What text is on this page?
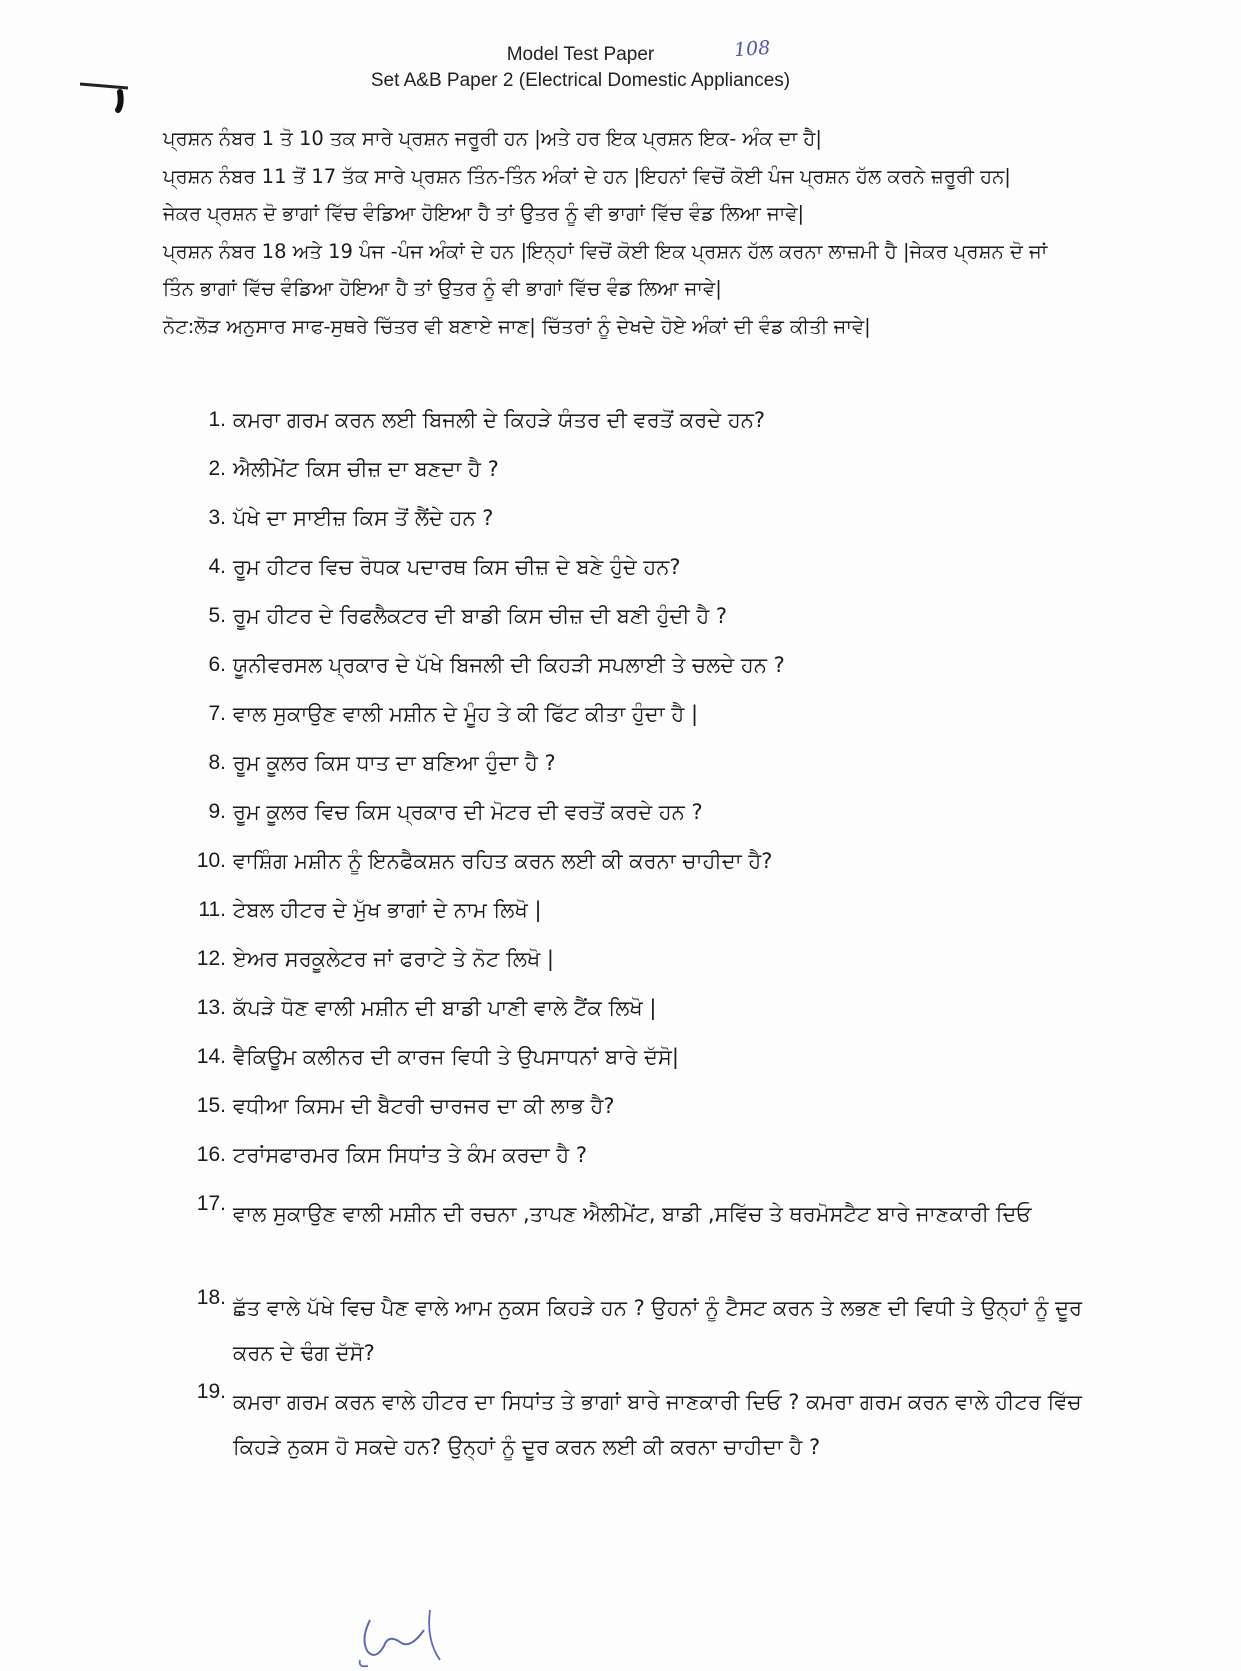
Model Test Paper	108
Set A&B Paper 2 (Electrical Domestic Appliances)
ਪ੍ਰਸ਼ਨ ਨੰਬਰ 1 ਤੋ 10 ਤਕ ਸਾਰੇ ਪ੍ਰਸ਼ਨ ਜਰੂਰੀ ਹਨ |ਅਤੇ ਹਰ ਇਕ ਪ੍ਰਸ਼ਨ ਇਕ- ਅੰਕ ਦਾ ਹੈ|
ਪ੍ਰਸ਼ਨ ਨੰਬਰ 11 ਤੋਂ 17 ਤੱਕ ਸਾਰੇ ਪ੍ਰਸ਼ਨ ਤਿੰਨ-ਤਿੰਨ ਅੰਕਾਂ ਦੇ ਹਨ |ਇਹਨਾਂ ਵਿਚੋਂ ਕੋਈ ਪੰਜ ਪ੍ਰਸ਼ਨ ਹੱਲ ਕਰਨੇ ਜ਼ਰੂਰੀ ਹਨ|
ਜੇਕਰ ਪ੍ਰਸ਼ਨ ਦੋ ਭਾਗਾਂ ਵਿੱਚ ਵੰਡਿਆ ਹੋਇਆ ਹੈ ਤਾਂ ਉਤਰ ਨੂੰ ਵੀ ਭਾਗਾਂ ਵਿੱਚ ਵੰਡ ਲਿਆ ਜਾਵੇ|
ਪ੍ਰਸ਼ਨ ਨੰਬਰ 18 ਅਤੇ 19 ਪੰਜ -ਪੰਜ ਅੰਕਾਂ ਦੇ ਹਨ |ਇਨ੍ਹਾਂ ਵਿਚੋਂ ਕੋਈ ਇਕ ਪ੍ਰਸ਼ਨ ਹੱਲ ਕਰਨਾ ਲਾਜ਼ਮੀ ਹੈ |ਜੇਕਰ ਪ੍ਰਸ਼ਨ ਦੋ ਜਾਂ
ਤਿੰਨ ਭਾਗਾਂ ਵਿੱਚ ਵੰਡਿਆ ਹੋਇਆ ਹੈ ਤਾਂ ਉਤਰ ਨੂੰ ਵੀ ਭਾਗਾਂ ਵਿੱਚ ਵੰਡ ਲਿਆ ਜਾਵੇ|
ਨੋਟ:ਲੋੜ ਅਨੁਸਾਰ ਸਾਫ-ਸੁਥਰੇ ਚਿੱਤਰ ਵੀ ਬਣਾਏ ਜਾਣ| ਚਿੱਤਰਾਂ ਨੂੰ ਦੇਖਦੇ ਹੋਏ ਅੰਕਾਂ ਦੀ ਵੰਡ ਕੀਤੀ ਜਾਵੇ|
1. ਕਮਰਾ ਗਰਮ ਕਰਨ ਲਈ ਬਿਜਲੀ ਦੇ ਕਿਹੜੇ ਯੰਤਰ ਦੀ ਵਰਤੋਂ ਕਰਦੇ ਹਨ?
2. ਐਲੀਮੇਂਟ ਕਿਸ ਚੀਜ਼ ਦਾ ਬਣਦਾ ਹੈ ?
3. ਪੱਖੇ ਦਾ ਸਾਈਜ਼ ਕਿਸ ਤੋਂ ਲੈਂਦੇ ਹਨ ?
4. ਰੂਮ ਹੀਟਰ ਵਿਚ ਰੋਧਕ ਪਦਾਰਥ ਕਿਸ ਚੀਜ਼ ਦੇ ਬਣੇ ਹੁੰਦੇ ਹਨ?
5. ਰੂਮ ਹੀਟਰ ਦੇ ਰਿਫਲੈਕਟਰ ਦੀ ਬਾਡੀ ਕਿਸ ਚੀਜ਼ ਦੀ ਬਣੀ ਹੁੰਦੀ ਹੈ ?
6. ਯੂਨੀਵਰਸਲ ਪ੍ਰਕਾਰ ਦੇ ਪੱਖੇ ਬਿਜਲੀ ਦੀ ਕਿਹੜੀ ਸਪਲਾਈ ਤੇ ਚਲਦੇ ਹਨ ?
7. ਵਾਲ ਸੁਕਾਉਣ ਵਾਲੀ ਮਸ਼ੀਨ ਦੇ ਮੂੰਹ ਤੇ ਕੀ ਫਿੱਟ ਕੀਤਾ ਹੁੰਦਾ ਹੈ |
8. ਰੂਮ ਕੂਲਰ ਕਿਸ ਧਾਤ ਦਾ ਬਣਿਆ ਹੁੰਦਾ ਹੈ ?
9. ਰੂਮ ਕੂਲਰ ਵਿਚ ਕਿਸ ਪ੍ਰਕਾਰ ਦੀ ਮੋਟਰ ਦੀ ਵਰਤੋਂ ਕਰਦੇ ਹਨ ?
10. ਵਾਸ਼ਿੰਗ ਮਸ਼ੀਨ ਨੂੰ ਇਨਫੈਕਸ਼ਨ ਰਹਿਤ ਕਰਨ ਲਈ ਕੀ ਕਰਨਾ ਚਾਹੀਦਾ ਹੈ?
11. ਟੇਬਲ ਹੀਟਰ ਦੇ ਮੁੱਖ ਭਾਗਾਂ ਦੇ ਨਾਮ ਲਿਖੋ |
12. ਏਅਰ ਸਰਕੂਲੇਟਰ ਜਾਂ ਫਰਾਟੇ ਤੇ ਨੋਟ ਲਿਖੋ |
13. ਕੱਪੜੇ ਧੋਣ ਵਾਲੀ ਮਸ਼ੀਨ ਦੀ ਬਾਡੀ ਪਾਣੀ ਵਾਲੇ ਟੈਂਕ ਲਿਖੋ |
14. ਵੈਕਿਊਮ ਕਲੀਨਰ ਦੀ ਕਾਰਜ ਵਿਧੀ ਤੇ ਉਪਸਾਧਨਾਂ ਬਾਰੇ ਦੱਸੋ|
15. ਵਧੀਆ ਕਿਸਮ ਦੀ ਬੈਟਰੀ ਚਾਰਜਰ ਦਾ ਕੀ ਲਾਭ ਹੈ?
16. ਟਰਾਂਸਫਾਰਮਰ ਕਿਸ ਸਿਧਾਂਤ ਤੇ ਕੰਮ ਕਰਦਾ ਹੈ ?
17. ਵਾਲ ਸੁਕਾਉਣ ਵਾਲੀ ਮਸ਼ੀਨ ਦੀ ਰਚਨਾ ,ਤਾਪਣ ਐਲੀਮੇਂਟ, ਬਾਡੀ ,ਸਵਿੱਚ ਤੇ ਥਰਮੋਸਟੈਟ ਬਾਰੇ ਜਾਣਕਾਰੀ ਦਿਓ
18. ਛੱਤ ਵਾਲੇ ਪੱਖੇ ਵਿਚ ਪੈਣ ਵਾਲੇ ਆਮ ਨੁਕਸ ਕਿਹੜੇ ਹਨ ? ਉਹਨਾਂ ਨੂੰ ਟੈਸਟ ਕਰਨ ਤੇ ਲਭਣ ਦੀ ਵਿਧੀ ਤੇ ਉਨ੍ਹਾਂ ਨੂੰ ਦੂਰ ਕਰਨ ਦੇ ਢੰਗ ਦੱਸੋ?
19. ਕਮਰਾ ਗਰਮ ਕਰਨ ਵਾਲੇ ਹੀਟਰ ਦਾ ਸਿਧਾਂਤ ਤੇ ਭਾਗਾਂ ਬਾਰੇ ਜਾਣਕਾਰੀ ਦਿਓ ? ਕਮਰਾ ਗਰਮ ਕਰਨ ਵਾਲੇ ਹੀਟਰ ਵਿੱਚ ਕਿਹੜੇ ਨੁਕਸ ਹੋ ਸਕਦੇ ਹਨ? ਉਨ੍ਹਾਂ ਨੂੰ ਦੂਰ ਕਰਨ ਲਈ ਕੀ ਕਰਨਾ ਚਾਹੀਦਾ ਹੈ ?
